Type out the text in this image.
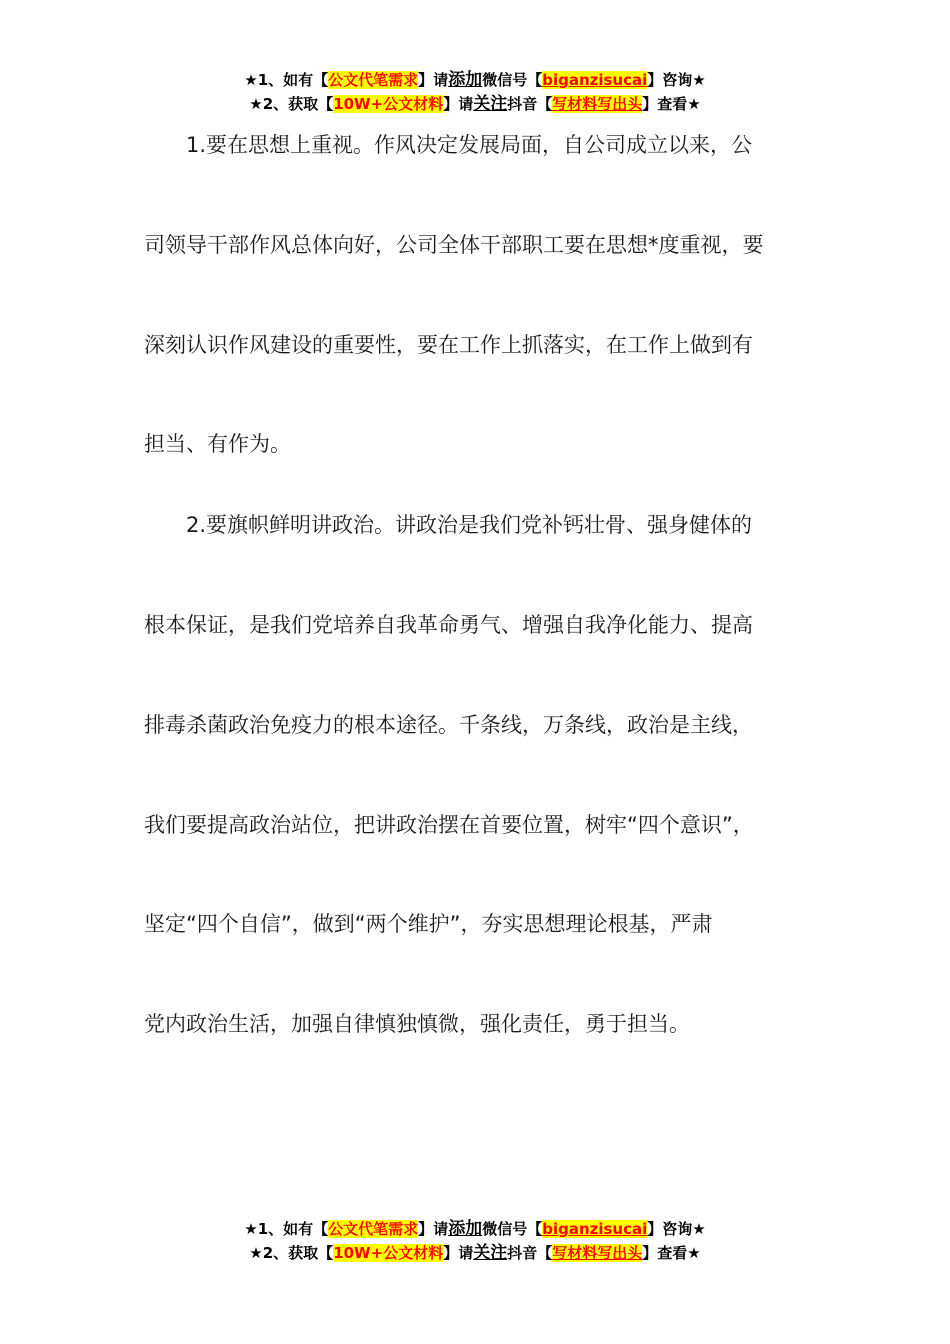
★1、如有【公文代笔需求】请添加微信号【biganzisucai】咨询★
★2、获取【10W+公文材料】请关注抖音【写材料写出头】查看★
　　1.要在思想上重视。作风决定发展局面，自公司成立以来，公
司领导干部作风总体向好，公司全体干部职工要在思想*度重视，要
深刻认识作风建设的重要性，要在工作上抓落实，在工作上做到有
担当、有作为。
　　2.要旗帜鲜明讲政治。讲政治是我们党补钙壮骨、强身健体的
根本保证，是我们党培养自我革命勇气、增强自我净化能力、提高
排毒杀菌政治免疫力的根本途径。千条线，万条线，政治是主线，
我们要提高政治站位，把讲政治摆在首要位置，树牢“四个意识”，
坚定“四个自信”，做到“两个维护”，夯实思想理论根基，严肃
党内政治生活，加强自律慎独慎微，强化责任，勇于担当。
★1、如有【公文代笔需求】请添加微信号【biganzisucai】咨询★
★2、获取【10W+公文材料】请关注抖音【写材料写出头】查看★
